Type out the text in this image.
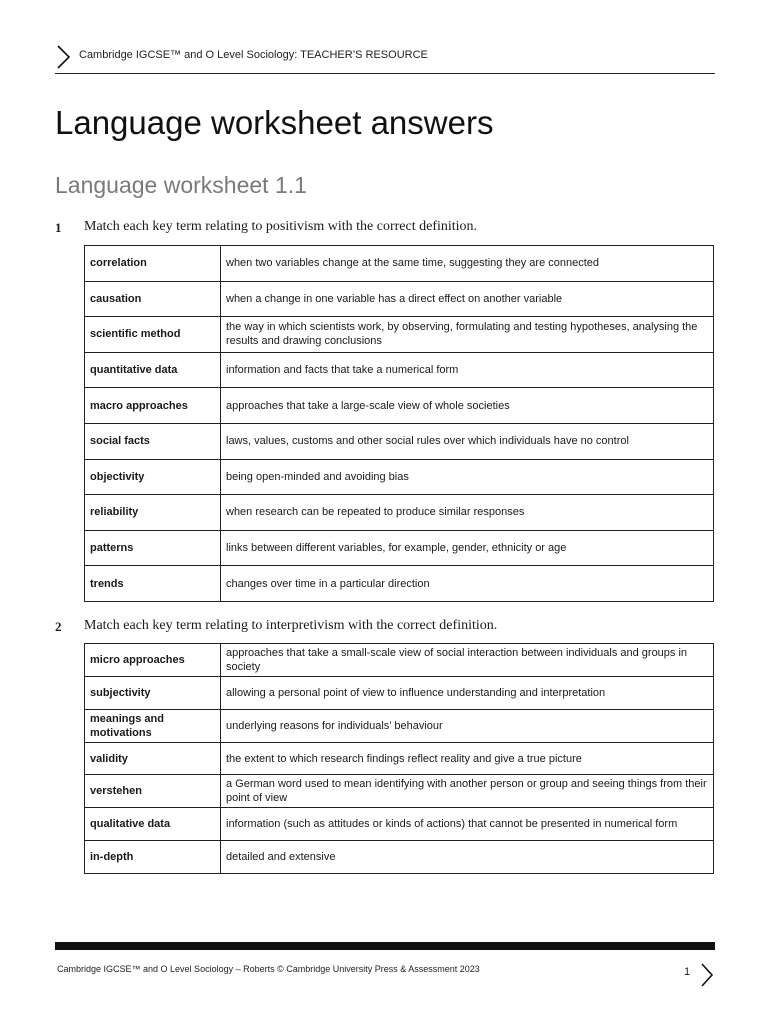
Cambridge IGCSE™ and O Level Sociology: TEACHER’S RESOURCE
Language worksheet answers
Language worksheet 1.1
1 Match each key term relating to positivism with the correct definition.
correlation	when two variables change at the same time, suggesting they are connected
causation	when a change in one variable has a direct effect on another variable
scientific method	the way in which scientists work, by observing, formulating and testing hypotheses, analysing the results and drawing conclusions
quantitative data	information and facts that take a numerical form
macro approaches	approaches that take a large-scale view of whole societies
social facts	laws, values, customs and other social rules over which individuals have no control
objectivity	being open-minded and avoiding bias
reliability	when research can be repeated to produce similar responses
patterns	links between different variables, for example, gender, ethnicity or age
trends	changes over time in a particular direction
2 Match each key term relating to interpretivism with the correct definition.
micro approaches	approaches that take a small-scale view of social interaction between individuals and groups in society
subjectivity	allowing a personal point of view to influence understanding and interpretation
meanings and motivations	underlying reasons for individuals’ behaviour
validity	the extent to which research findings reflect reality and give a true picture
verstehen	a German word used to mean identifying with another person or group and seeing things from their point of view
qualitative data	information (such as attitudes or kinds of actions) that cannot be presented in numerical form
in-depth	detailed and extensive
Cambridge IGCSE™ and O Level Sociology – Roberts © Cambridge University Press & Assessment 2023	1
